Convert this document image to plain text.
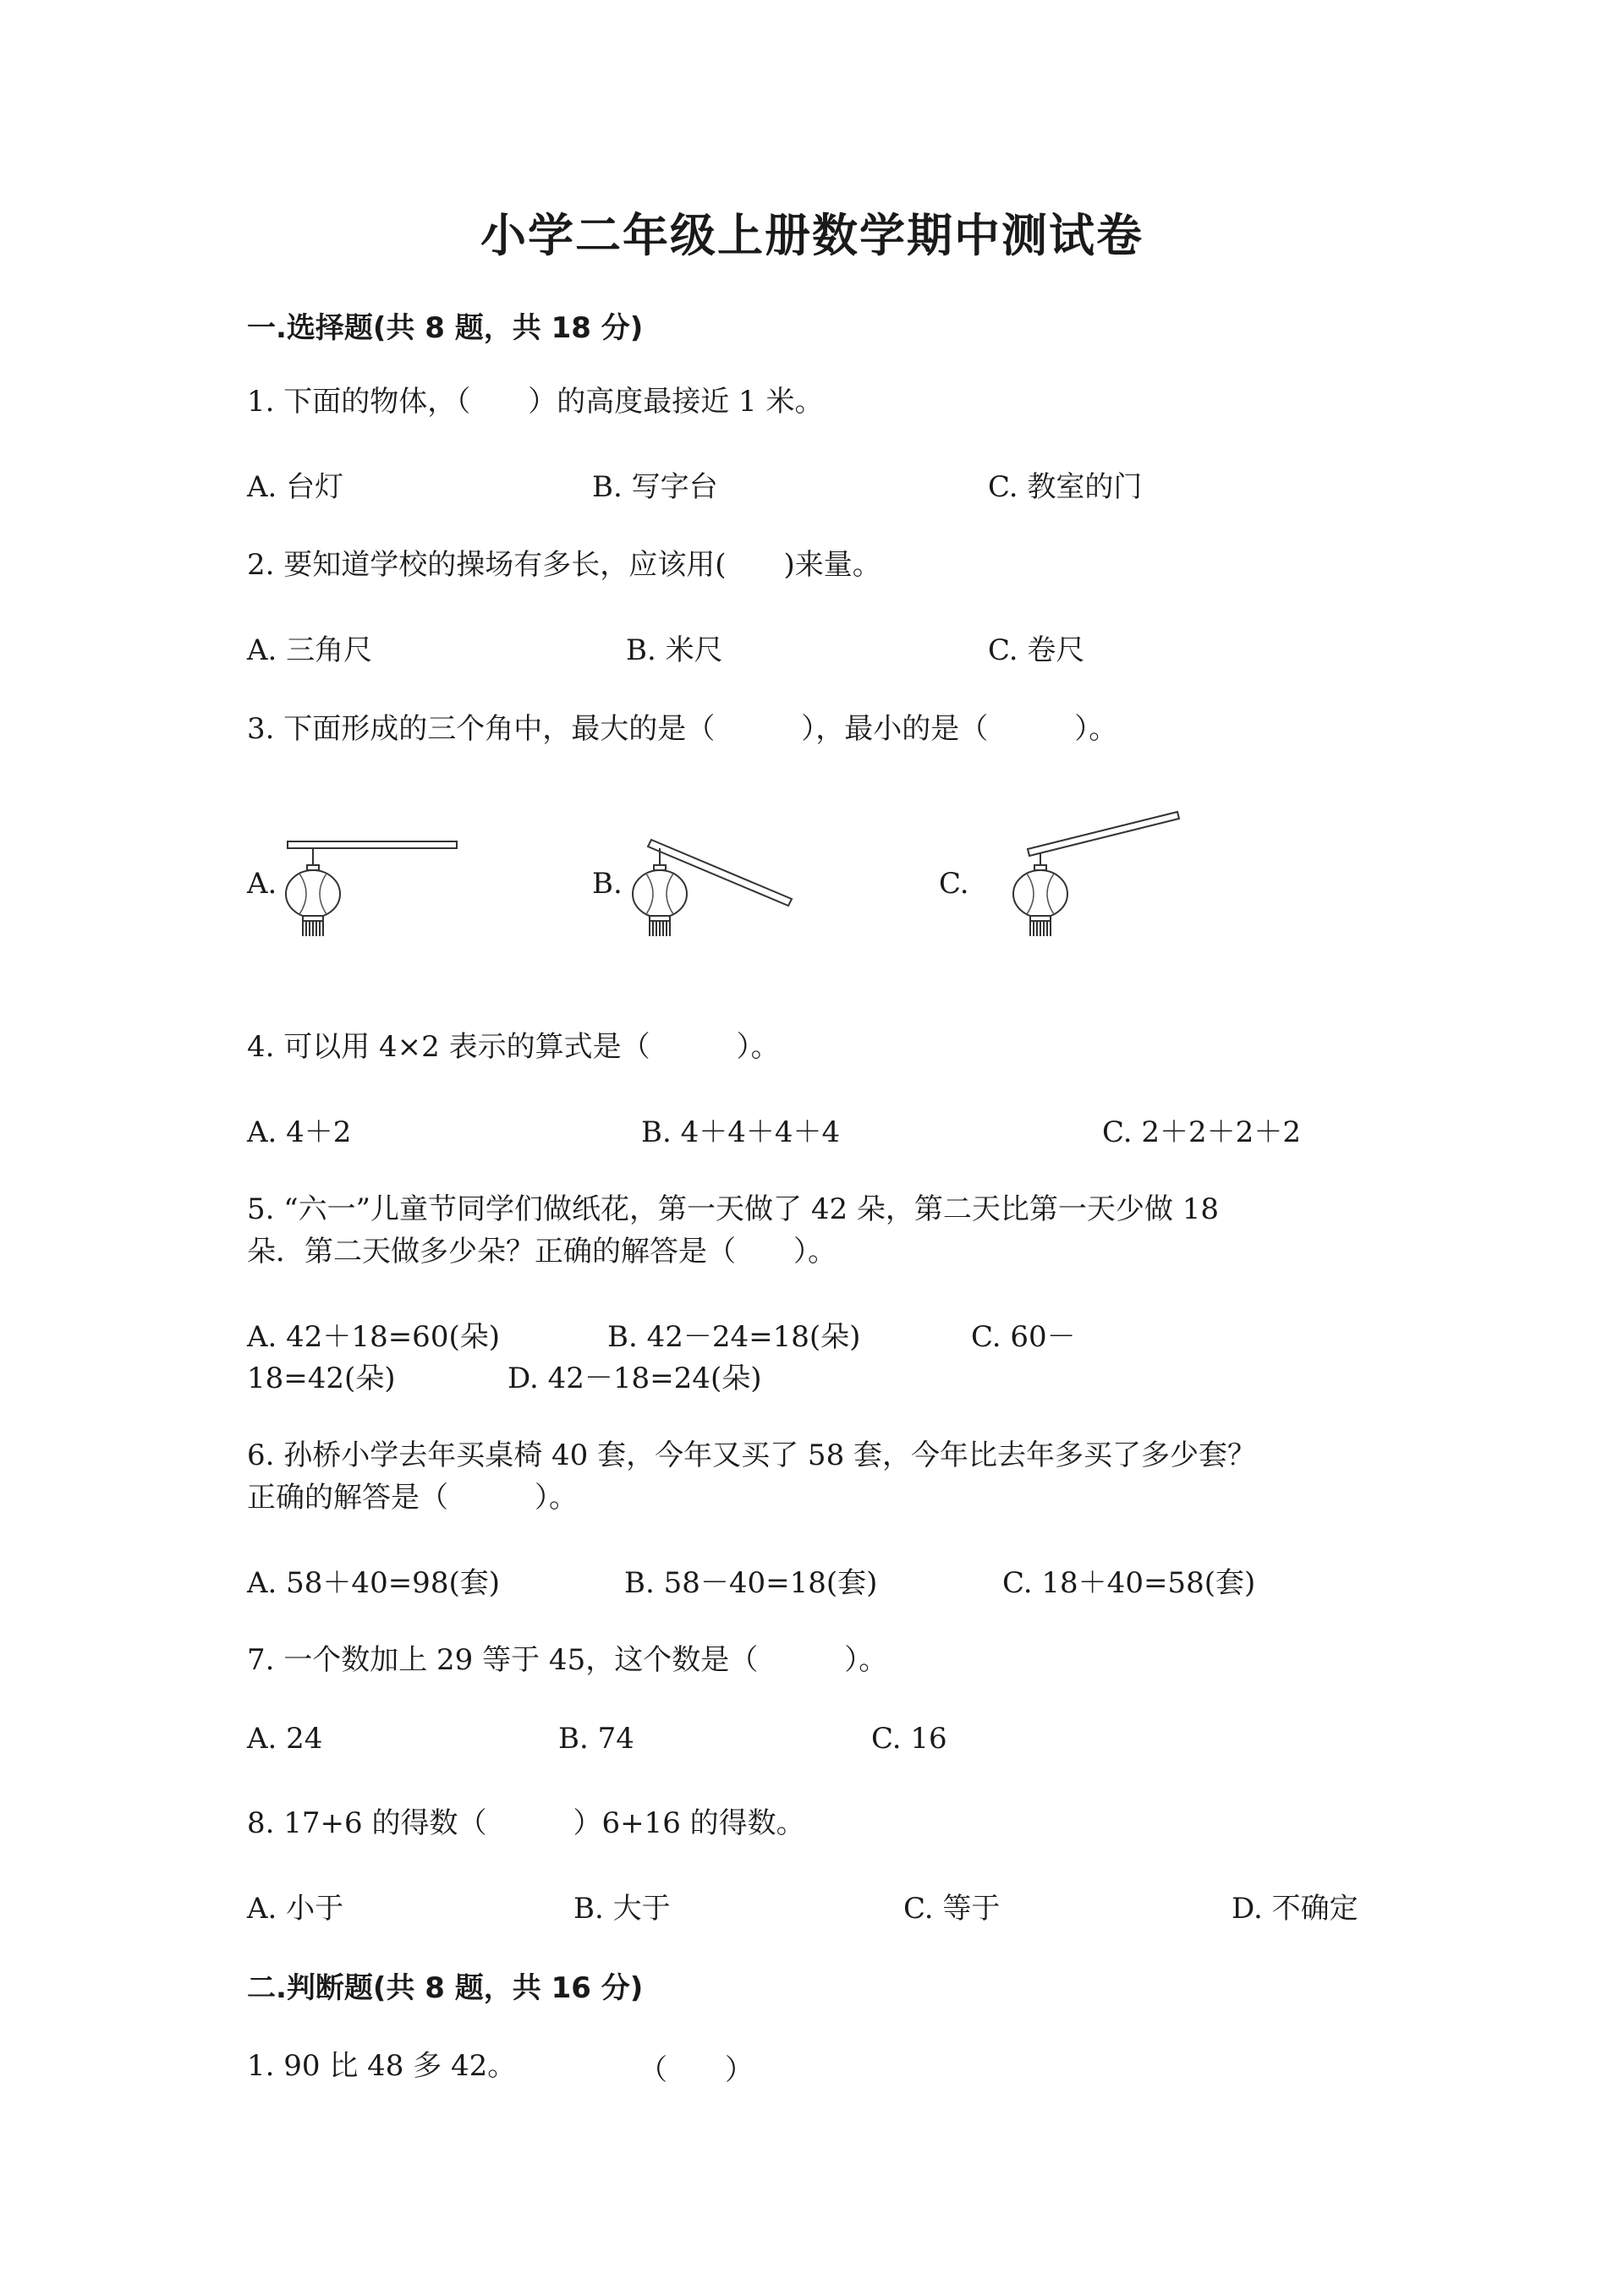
小学二年级上册数学期中测试卷
一.选择题(共 8 题，共 18 分)
1. 下面的物体，（　　）的高度最接近 1 米。
A. 台灯	B. 写字台	C. 教室的门
2. 要知道学校的操场有多长，应该用(　　)来量。
A. 三角尺	B. 米尺	C. 卷尺
3. 下面形成的三个角中，最大的是（　　　），最小的是（　　　）。
A.	B.	C.
4. 可以用 4×2 表示的算式是（　　　）。
A. 4＋2	B. 4＋4＋4＋4	C. 2＋2＋2＋2
5. “六一”儿童节同学们做纸花，第一天做了 42 朵，第二天比第一天少做 18
朵．第二天做多少朵？正确的解答是（　　）。
A. 42＋18=60(朵)	B. 42－24=18(朵)	C. 60－
18=42(朵)	D. 42－18=24(朵)
6. 孙桥小学去年买桌椅 40 套，今年又买了 58 套，今年比去年多买了多少套？
正确的解答是（　　　）。
A. 58＋40=98(套)	B. 58－40=18(套)	C. 18＋40=58(套)
7. 一个数加上 29 等于 45，这个数是（　　　）。
A. 24	B. 74	C. 16
8. 17+6 的得数（　　　）6+16 的得数。
A. 小于	B. 大于	C. 等于	D. 不确定
二.判断题(共 8 题，共 16 分)
1. 90 比 48 多 42。	（　　）
